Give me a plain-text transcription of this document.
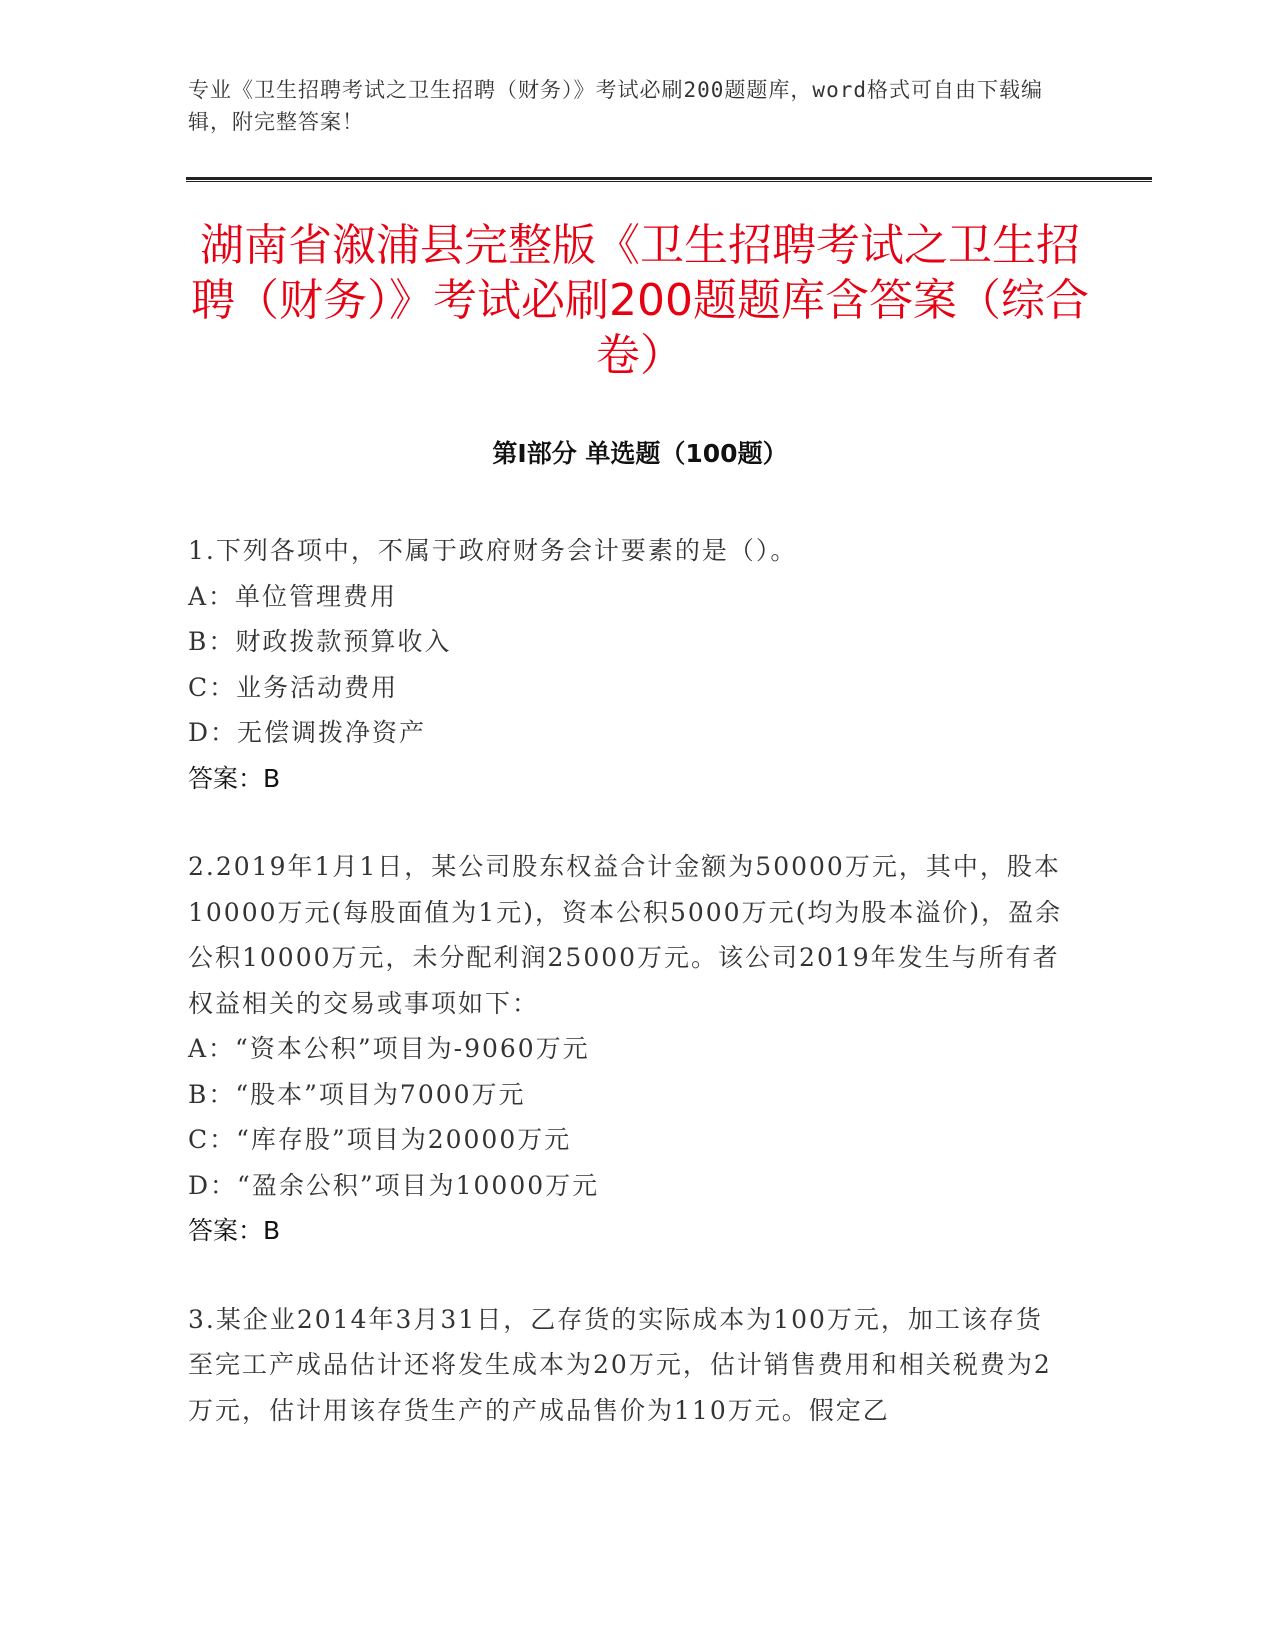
专业《卫生招聘考试之卫生招聘（财务）》考试必刷200题题库，word格式可自由下载编辑，附完整答案！
湖南省溆浦县完整版《卫生招聘考试之卫生招聘（财务）》考试必刷200题题库含答案（综合卷）
第Ⅰ部分 单选题（100题）

1.下列各项中，不属于政府财务会计要素的是（）。

A：单位管理费用

B：财政拨款预算收入

C：业务活动费用

D：无偿调拨净资产

答案：B

2.2019年1月1日，某公司股东权益合计金额为50000万元，其中，股本10000万元(每股面值为1元)，资本公积5000万元(均为股本溢价)，盈余公积10000万元，未分配利润25000万元。该公司2019年发生与所有者权益相关的交易或事项如下：

A：“资本公积”项目为-9060万元

B：“股本”项目为7000万元

C：“库存股”项目为20000万元

D：“盈余公积”项目为10000万元

答案：B

3.某企业2014年3月31日，乙存货的实际成本为100万元，加工该存货至完工产成品估计还将发生成本为20万元，估计销售费用和相关税费为2万元，估计用该存货生产的产成品售价为110万元。假定乙
